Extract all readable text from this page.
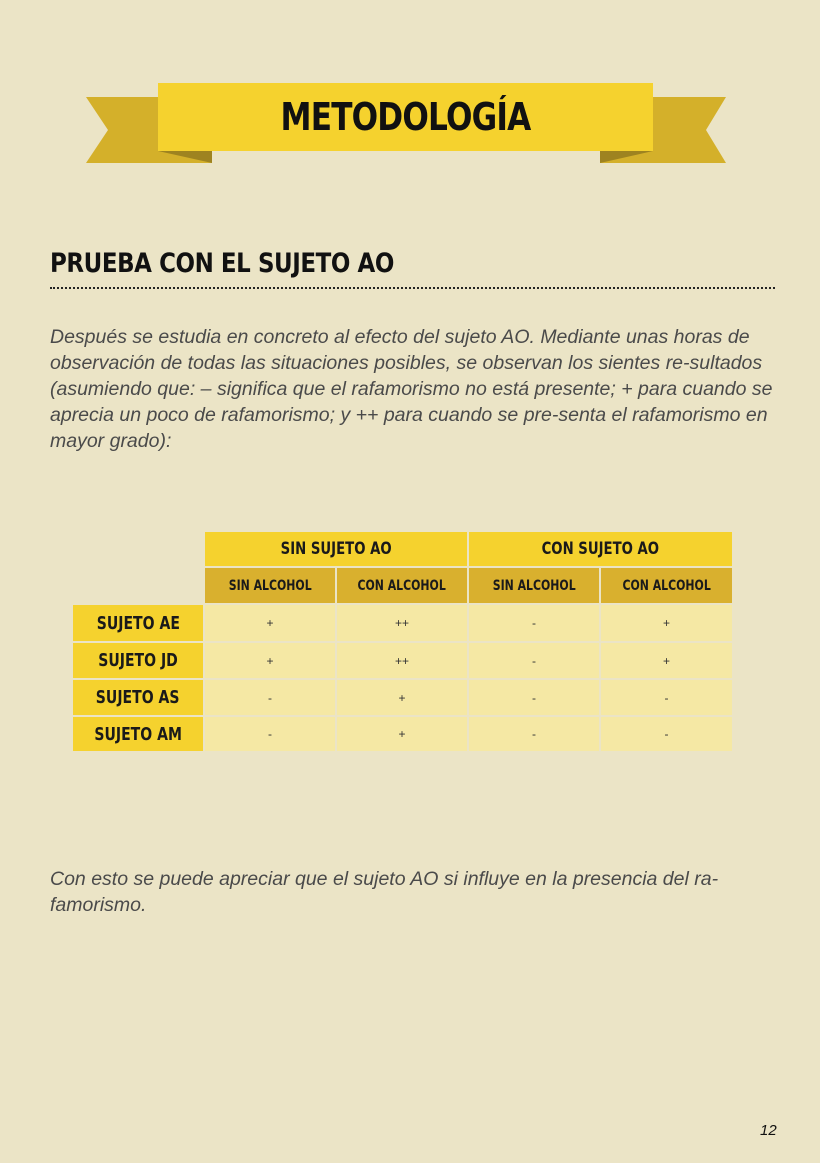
METODOLOGÍA
PRUEBA CON EL SUJETO AO

Después se estudia en concreto al efecto del sujeto AO. Mediante unas horas de observación de todas las situaciones posibles, se observan los sientes re-sultados (asumiendo que: – significa que el rafamorismo no está presente; + para cuando se aprecia un poco de rafamorismo; y ++ para cuando se pre-senta el rafamorismo en mayor grado):

SIN SUJETO AO	CON SUJETO AO
SIN ALCOHOL	CON ALCOHOL	SIN ALCOHOL	CON ALCOHOL
SUJETO AE	+	++	-	+
SUJETO JD	+	++	-	+
SUJETO AS	-	+	-	-
SUJETO AM	-	+	-	-

Con esto se puede apreciar que el sujeto AO si influye en la presencia del ra-famorismo.

12
